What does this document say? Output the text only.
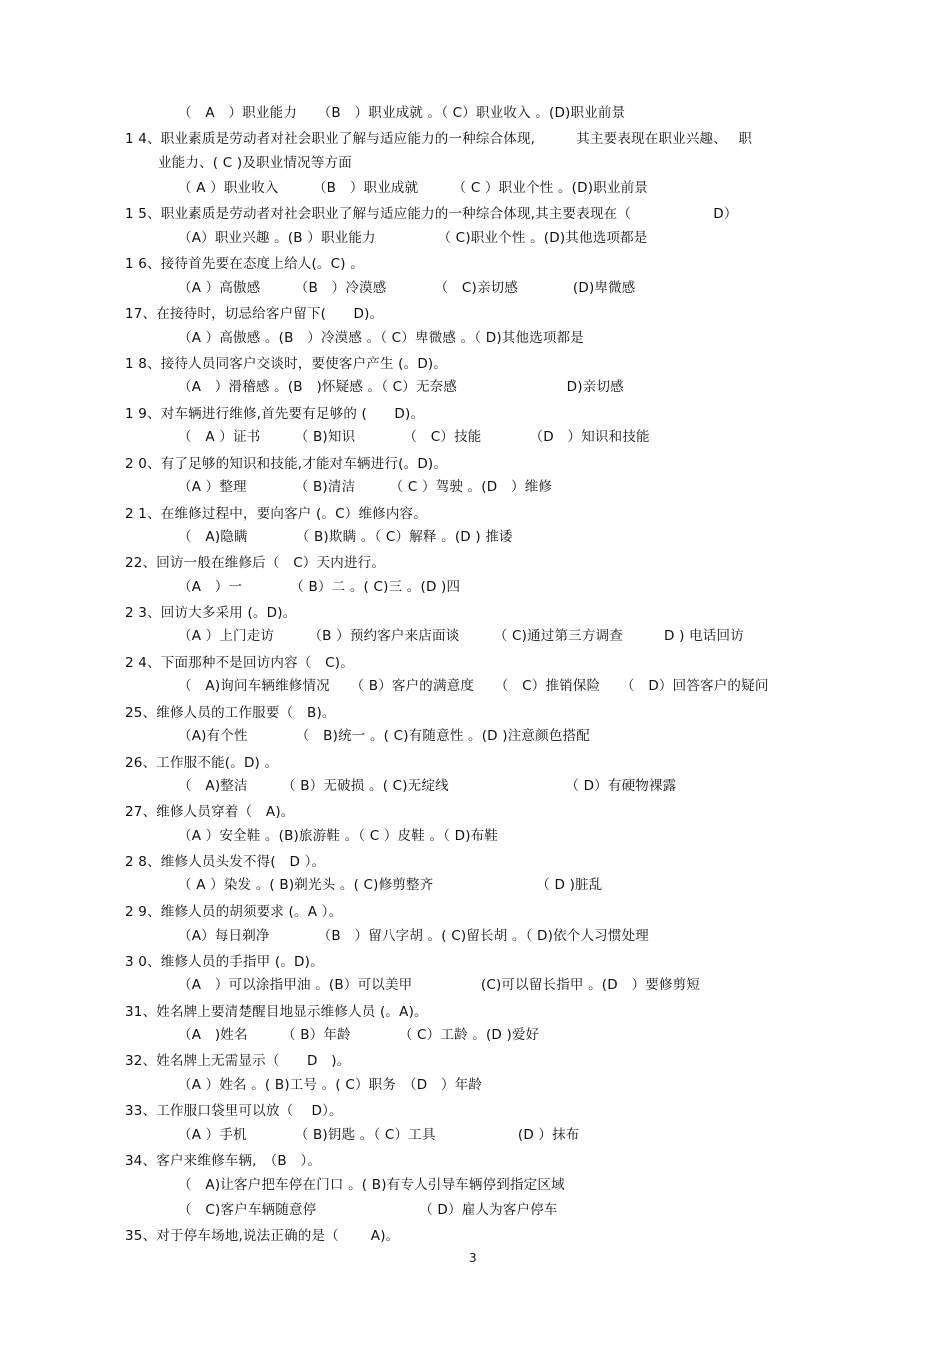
（　A　）职业能力　　（B　）职业成就 。（ C）职业收入 。(D)职业前景
1 4、职业素质是劳动者对社会职业了解与适应能力的一种综合体现,　　　其主要表现在职业兴趣、　 职
业能力、( C )及职业情况等方面
（ A ）职业收入　　　（B　）职业成就　　　（ C ）职业个性 。(D)职业前景
1 5、职业素质是劳动者对社会职业了解与适应能力的一种综合体现,其主要表现在（　　　　　　D）
（A）职业兴趣 。(B ）职业能力　　　　　（ C)职业个性 。(D)其他选项都是
1 6、接待首先要在态度上给人(。C) 。
（A ）高傲感　　　（B　）冷漠感　　　　（　C)亲切感　　　　(D)卑微感
17、在接待时，切忌给客户留下(　　D)。
（A ）高傲感 。(B　）冷漠感 。（ C）卑微感 。（ D)其他选项都是
1 8、接待人员同客户交谈时，要使客户产生 (。D)。
（A　）滑稽感 。(B　)怀疑感 。（ C）无奈感　　　　　　　　D)亲切感
1 9、对车辆进行维修,首先要有足够的 (　　D)。
（　A ）证书　　　（ B)知识　　　　（　C）技能　　　　（D　）知识和技能
2 0、有了足够的知识和技能,才能对车辆进行(。D)。
（A ）整理　　　　（ B)清洁　　　（ C ）驾驶 。(D　）维修
2 1、在维修过程中，要向客户 (。C）维修内容。
（　A)隐瞒　　　　（ B)欺瞒 。（ C）解释 。(D ) 推诿
22、回访一般在维修后（　C）天内进行。
（A　）一　　　　（ B）二 。( C)三 。(D )四
2 3、回访大多采用 (。D)。
（A ）上门走访　　　（B ）预约客户来店面谈　　　（ C)通过第三方调查　　　D ) 电话回访
2 4、下面那种不是回访内容（　C)。
（　A)询问车辆维修情况　　（ B）客户的满意度　　（　C）推销保险　　（　D）回答客户的疑问
25、维修人员的工作服要（　B)。
（A)有个性　　　　（　B)统一 。( C)有随意性 。(D )注意颜色搭配
26、工作服不能(。D) 。
（　A)整洁　　　（ B）无破损 。( C)无绽线　　　　　　　　　（ D）有硬物裸露
27、维修人员穿着（　A)。
（A ）安全鞋 。(B)旅游鞋 。（ C ）皮鞋 。（ D)布鞋
2 8、维修人员头发不得(　D ）。
（ A ）染发 。( B)剃光头 。( C)修剪整齐　　　　　　　　（ D )脏乱
2 9、维修人员的胡须要求 (。A ）。
（A）每日剃净　　　　（B　）留八字胡 。( C)留长胡 。（ D)依个人习惯处理
3 0、维修人员的手指甲 (。D)。
（A　）可以涂指甲油 。(B）可以美甲　　　　　(C)可以留长指甲 。(D　）要修剪短
31、姓名牌上要清楚醒目地显示维修人员 (。A)。
（A　)姓名　　　（ B）年龄　　　　（ C）工龄 。(D )爱好
32、姓名牌上无需显示（　　D　)。
（A ）姓名 。( B)工号 。( C）职务　（D　）年龄
33、工作服口袋里可以放（　 D）。
（A ）手机　　　　（ B)钥匙 。（ C）工具　　　　　　(D ）抹布
34、客户来维修车辆,　（B　）。
（　A)让客户把车停在门口 。( B)有专人引导车辆停到指定区域
（　C)客户车辆随意停　　　　　　　　（ D）雇人为客户停车
35、对于停车场地,说法正确的是（　　 A)。
3
